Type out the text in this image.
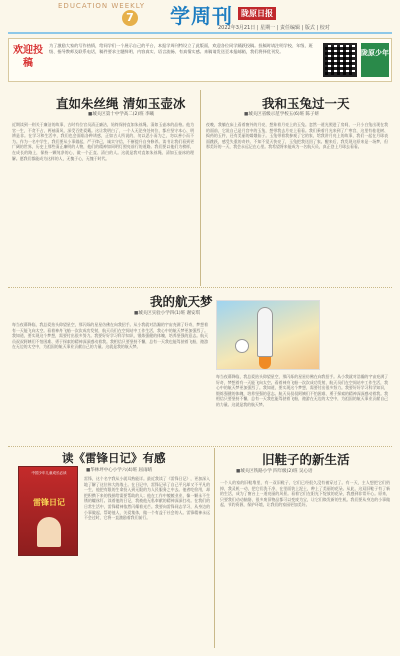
EDUCATION WEEKLY
7 学周刊	陇原日报
2022年3月21日 | 星期一 | 责任编辑 | 版式 | 校对
欢迎投稿
为了激励大家的写作热情，给同学们一个展示自己的平台，本报学周刊特设立了此版面，欢迎各位同学踊跃投稿。投稿时请注明学校、年级、班级、指导教师及联系电话，稿件要求主题鲜明、内容真实、语言流畅、有真情实感。来稿请发送至本报邮箱，我们将择优刊发。	陇原少年
直如朱丝绳 清如玉壶冰
■城关区第十中学高二(2)班 李曦
近期读到一则关于廉洁的故事，古时有位官员清正廉洁，始终保持直如朱丝绳、清如玉壶冰的品格。他为官一生，不贪不占，两袖清风，深受百姓爱戴。这让我明白了，一个人无论身处何位，都应坚守本心、明辨是非。在学习和生活中，我们也会面临各种诱惑，正如古人所说的，勿以恶小而为之，勿以善小而不为。作为一名中学生，我们要从小事做起，严于律己，诚实守信，不断提升自身修养。读书让我们看到更广阔的世界，历史上那些清正廉明的人物，他们的精神如同明灯照亮前行的道路。我们要以他们为榜样，在成长的路上，保持一颗纯净的心，做一个正直、清白的人。这就是我对直如朱丝绳、清如玉壶冰的理解。愿我们都能成为这样的人，无愧于心，无愧于时代。
我和玉兔过一天
■城关区省级示范学校五(6)班 陈子妍
夜晚，我躺在床上看着窗外的月亮，想象着月亮上的玉兔。忽然一道光照进了房间，一只小白兔出现在我的面前，它说自己是月宫中的玉兔，想带我去月亮上看看。我们乘着月光来到了广寒宫，这里有桂花树、捣药的玉杵，还有美丽的嫦娥仙子。玉兔带着我参观了它的家，给我讲月亮上的故事，我们一起在月球表面跳跃，感受失重的奇妙。不知不觉天快亮了，玉兔把我送回了家。醒来后，我发现这原来是一场梦，但那美好的一天，我会永远记在心里。我希望将来能成为一名航天员，真正登上月球去看看。
我的航天梦
■城关区实验小学四(1)班 谢安琪
每当夜幕降临，我总爱抬头仰望星空，那闪烁的星星仿佛在向我招手。从小我就对浩瀚的宇宙充满了好奇，梦想着有一天能飞向太空。看着神舟飞船一次次成功发射，航天员们在空间站中工作生活，我心中的航天梦更加强烈了。我知道，要实现这个梦想，需要付出很多努力。我要好好学习科学知识，锻炼强健的体魄，培养坚强的意志。航天员叔叔阿姨们不怕困难、勇于探索的精神深深感动着我。我相信只要坚持不懈，总有一天我也能驾驶着飞船，遨游在无边的太空中，为祖国的航天事业贡献自己的力量。这就是我的航天梦。
每当夜幕降临，我总爱抬头仰望星空，那闪烁的星星仿佛在向我招手。从小我就对浩瀚的宇宙充满了好奇，梦想着有一天能飞向太空。看着神舟飞船一次次成功发射，航天员们在空间站中工作生活，我心中的航天梦更加强烈了。我知道，要实现这个梦想，需要付出很多努力。我要好好学习科学知识，锻炼强健的体魄，培养坚强的意志。航天员叔叔阿姨们不怕困难、勇于探索的精神深深感动着我。我相信只要坚持不懈，总有一天我也能驾驶着飞船，遨游在无边的太空中，为祖国的航天事业贡献自己的力量。这就是我的航天梦。
读《雷锋日记》有感
■华林坪中心小学六(4)班 屈雨晴
中国少年儿童成长必读
雷锋日记
雷锋，这个名字我从小就耳熟能详。最近我读了《雷锋日记》，更加深入地了解了这位伟大的战士。在日记中，雷锋记录了自己平凡却又不平凡的一生，他把有限的生命投入到无限的为人民服务之中去。他省吃俭用，却把积攒下来的钱捐给需要帮助的人；他在工作中兢兢业业，像一颗永不生锈的螺丝钉。读着他的日记，我被他无私奉献的精神深深打动。在我们的日常生活中，雷锋精神依然闪耀着光芒。我要向雷锋同志学习，从身边的小事做起，帮助他人，关爱集体，做一个有益于社会的人。雷锋精神永远不会过时，它将一直激励着我们前行。
旧鞋子的新生活
■城关区铁路小学 四年级(2)班 吴心语
一个人的家的旧鞋堆里，有一双旧鞋子，它们已经很久没有被穿过了。有一天，主人想把它们扔掉，我灵机一动，把它们洗干净，在里面装上泥土，种上了美丽的花朵。从此，这双旧鞋子有了新的生活，成为了窗台上一道亮丽的风景。看着它们在阳光下绽放的花朵，我感到非常开心。原来，只要我们动动脑筋，很多废旧物品都可以变废为宝，让它们焕发新的生机。我们要从身边的小事做起，节约资源，保护环境，让我们的家园更加美好。
